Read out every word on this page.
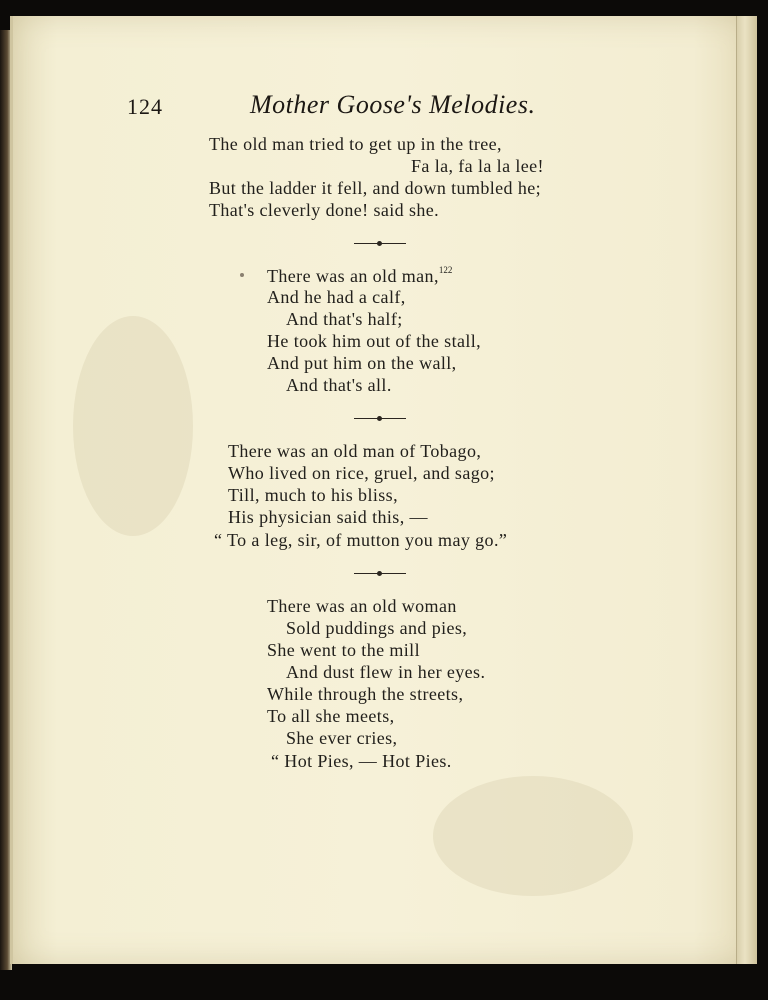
124	Mother Goose's Melodies.
The old man tried to get up in the tree,
Fa la, fa la la lee!
But the ladder it fell, and down tumbled he;
That's cleverly done! said she.
There was an old man,$^{122}$
And he had a calf,
And that's half;
He took him out of the stall,
And put him on the wall,
And that's all.
There was an old man of Tobago,
Who lived on rice, gruel, and sago;
Till, much to his bliss,
His physician said this, —
“ To a leg, sir, of mutton you may go.”
There was an old woman
Sold puddings and pies,
She went to the mill
And dust flew in her eyes.
While through the streets,
To all she meets,
She ever cries,
“ Hot Pies, — Hot Pies.
